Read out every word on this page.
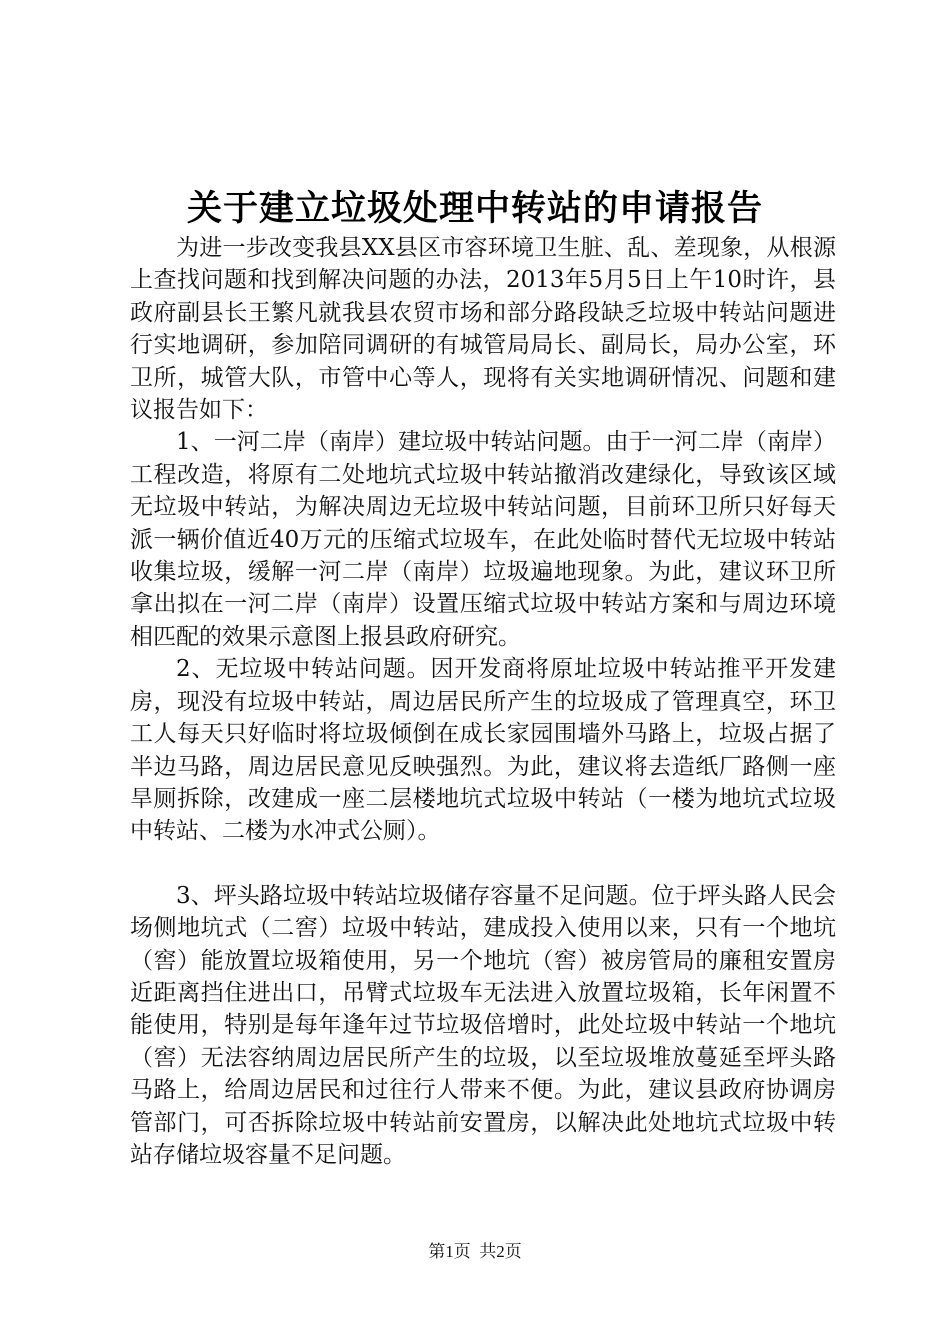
关于建立垃圾处理中转站的申请报告

为进一步改变我县XX县区市容环境卫生脏、乱、差现象，从根源上查找问题和找到解决问题的办法，2013年5月5日上午10时许，县政府副县长王繁凡就我县农贸市场和部分路段缺乏垃圾中转站问题进行实地调研，参加陪同调研的有城管局局长、副局长，局办公室，环卫所，城管大队，市管中心等人，现将有关实地调研情况、问题和建议报告如下：

1、一河二岸（南岸）建垃圾中转站问题。由于一河二岸（南岸）工程改造，将原有二处地坑式垃圾中转站撤消改建绿化，导致该区域无垃圾中转站，为解决周边无垃圾中转站问题，目前环卫所只好每天派一辆价值近40万元的压缩式垃圾车，在此处临时替代无垃圾中转站收集垃圾，缓解一河二岸（南岸）垃圾遍地现象。为此，建议环卫所拿出拟在一河二岸（南岸）设置压缩式垃圾中转站方案和与周边环境相匹配的效果示意图上报县政府研究。

2、无垃圾中转站问题。因开发商将原址垃圾中转站推平开发建房，现没有垃圾中转站，周边居民所产生的垃圾成了管理真空，环卫工人每天只好临时将垃圾倾倒在成长家园围墙外马路上，垃圾占据了半边马路，周边居民意见反映强烈。为此，建议将去造纸厂路侧一座旱厕拆除，改建成一座二层楼地坑式垃圾中转站（一楼为地坑式垃圾中转站、二楼为水冲式公厕）。

3、坪头路垃圾中转站垃圾储存容量不足问题。位于坪头路人民会场侧地坑式（二窖）垃圾中转站，建成投入使用以来，只有一个地坑（窖）能放置垃圾箱使用，另一个地坑（窖）被房管局的廉租安置房近距离挡住进出口，吊臂式垃圾车无法进入放置垃圾箱，长年闲置不能使用，特别是每年逢年过节垃圾倍增时，此处垃圾中转站一个地坑（窖）无法容纳周边居民所产生的垃圾，以至垃圾堆放蔓延至坪头路马路上，给周边居民和过往行人带来不便。为此，建议县政府协调房管部门，可否拆除垃圾中转站前安置房，以解决此处地坑式垃圾中转站存储垃圾容量不足问题。

第1页 共2页
